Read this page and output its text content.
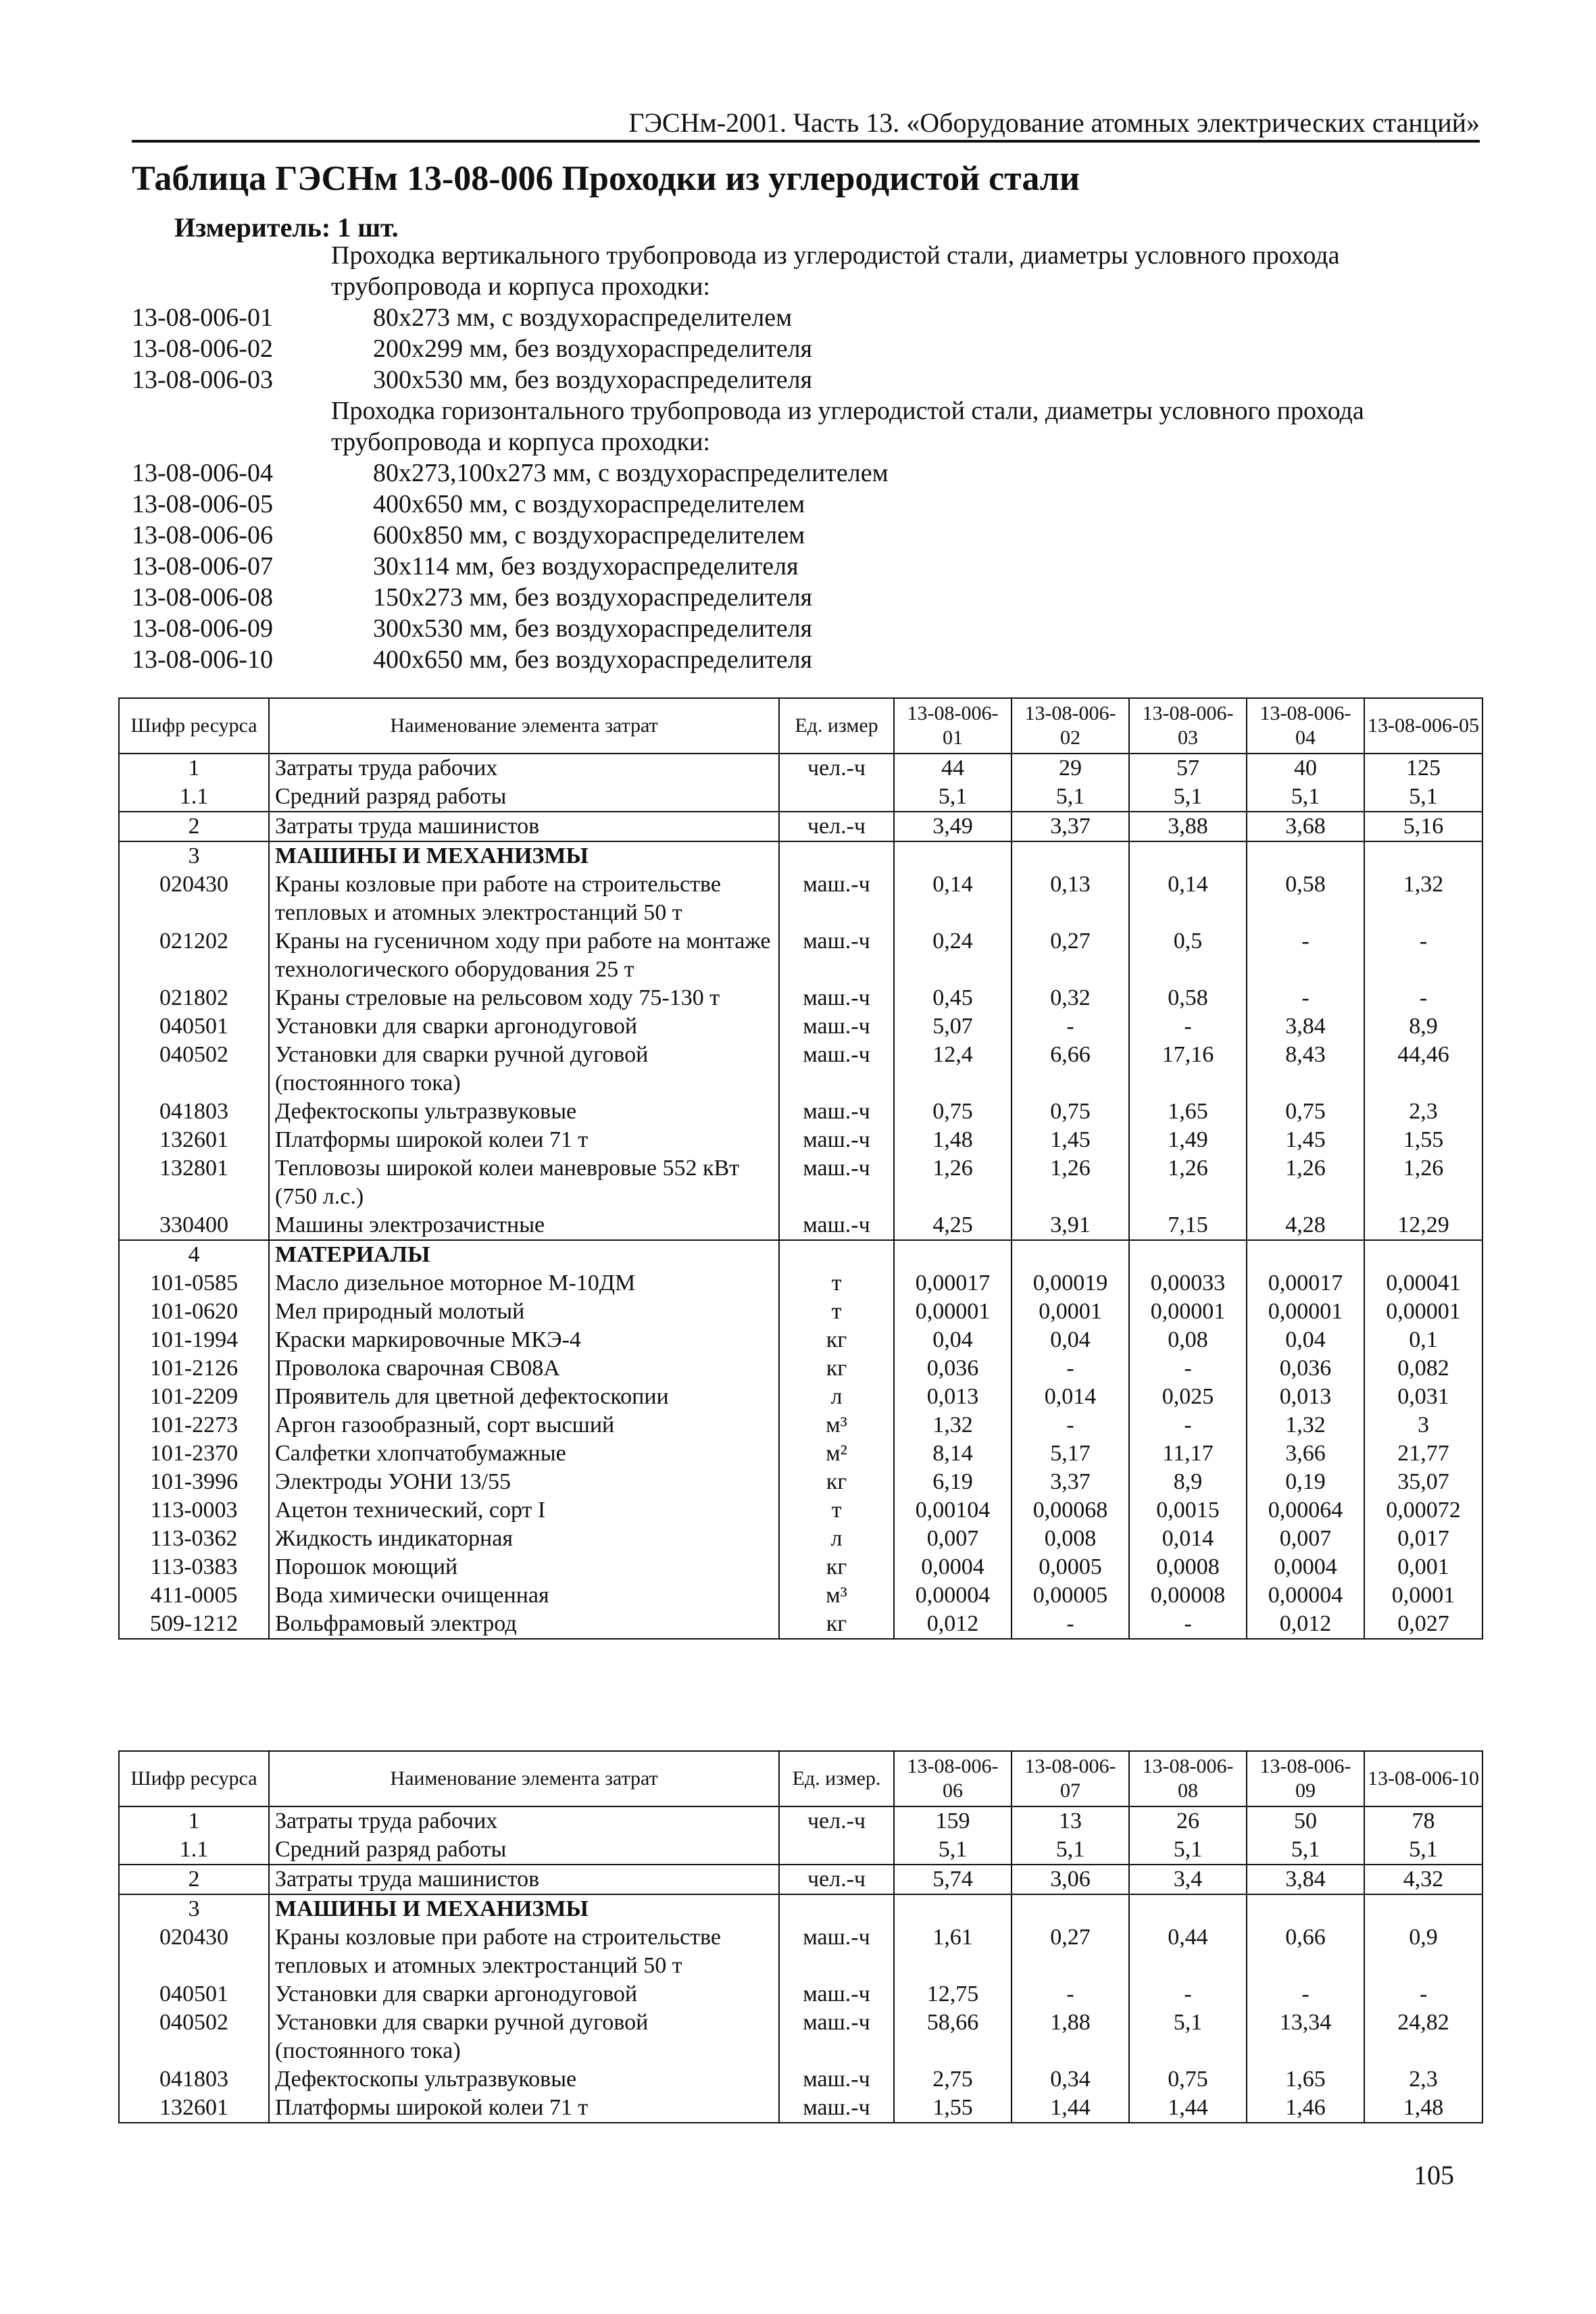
ГЭСНм-2001. Часть 13. «Оборудование атомных электрических станций»
Таблица ГЭСНм 13-08-006 Проходки из углеродистой стали
Измеритель: 1 шт.
Проходка вертикального трубопровода из углеродистой стали, диаметры условного прохода трубопровода и корпуса проходки:
13-08-006-01	80х273 мм, с воздухораспределителем
13-08-006-02	200х299 мм, без воздухораспределителя
13-08-006-03	300х530 мм, без воздухораспределителя
Проходка горизонтального трубопровода из углеродистой стали, диаметры условного прохода трубопровода и корпуса проходки:
13-08-006-04	80х273,100х273 мм, с воздухораспределителем
13-08-006-05	400х650 мм, с воздухораспределителем
13-08-006-06	600х850 мм, с воздухораспределителем
13-08-006-07	30х114 мм, без воздухораспределителя
13-08-006-08	150х273 мм, без воздухораспределителя
13-08-006-09	300х530 мм, без воздухораспределителя
13-08-006-10	400х650 мм, без воздухораспределителя
Шифр ресурса	Наименование элемента затрат	Ед. измер	13-08-006-01	13-08-006-02	13-08-006-03	13-08-006-04	13-08-006-05
1	Затраты труда рабочих	чел.-ч	44	29	57	40	125
1.1	Средний разряд работы		5,1	5,1	5,1	5,1	5,1
2	Затраты труда машинистов	чел.-ч	3,49	3,37	3,88	3,68	5,16
3	МАШИНЫ И МЕХАНИЗМЫ						
020430	Краны козловые при работе на строительстве тепловых и атомных электростанций 50 т	маш.-ч	0,14	0,13	0,14	0,58	1,32
021202	Краны на гусеничном ходу при работе на монтаже технологического оборудования 25 т	маш.-ч	0,24	0,27	0,5	-	-
021802	Краны стреловые на рельсовом ходу 75-130 т	маш.-ч	0,45	0,32	0,58	-	-
040501	Установки для сварки аргонодуговой	маш.-ч	5,07	-	-	3,84	8,9
040502	Установки для сварки ручной дуговой (постоянного тока)	маш.-ч	12,4	6,66	17,16	8,43	44,46
041803	Дефектоскопы ультразвуковые	маш.-ч	0,75	0,75	1,65	0,75	2,3
132601	Платформы широкой колеи 71 т	маш.-ч	1,48	1,45	1,49	1,45	1,55
132801	Тепловозы широкой колеи маневровые 552 кВт (750 л.с.)	маш.-ч	1,26	1,26	1,26	1,26	1,26
330400	Машины электрозачистные	маш.-ч	4,25	3,91	7,15	4,28	12,29
4	МАТЕРИАЛЫ						
101-0585	Масло дизельное моторное М-10ДМ	т	0,00017	0,00019	0,00033	0,00017	0,00041
101-0620	Мел природный молотый	т	0,00001	0,0001	0,00001	0,00001	0,00001
101-1994	Краски маркировочные МКЭ-4	кг	0,04	0,04	0,08	0,04	0,1
101-2126	Проволока сварочная СВ08А	кг	0,036	-	-	0,036	0,082
101-2209	Проявитель для цветной дефектоскопии	л	0,013	0,014	0,025	0,013	0,031
101-2273	Аргон газообразный, сорт высший	м³	1,32	-	-	1,32	3
101-2370	Салфетки хлопчатобумажные	м²	8,14	5,17	11,17	3,66	21,77
101-3996	Электроды УОНИ 13/55	кг	6,19	3,37	8,9	0,19	35,07
113-0003	Ацетон технический, сорт I	т	0,00104	0,00068	0,0015	0,00064	0,00072
113-0362	Жидкость индикаторная	л	0,007	0,008	0,014	0,007	0,017
113-0383	Порошок моющий	кг	0,0004	0,0005	0,0008	0,0004	0,001
411-0005	Вода химически очищенная	м³	0,00004	0,00005	0,00008	0,00004	0,0001
509-1212	Вольфрамовый электрод	кг	0,012	-	-	0,012	0,027
Шифр ресурса	Наименование элемента затрат	Ед. измер.	13-08-006-06	13-08-006-07	13-08-006-08	13-08-006-09	13-08-006-10
1	Затраты труда рабочих	чел.-ч	159	13	26	50	78
1.1	Средний разряд работы		5,1	5,1	5,1	5,1	5,1
2	Затраты труда машинистов	чел.-ч	5,74	3,06	3,4	3,84	4,32
3	МАШИНЫ И МЕХАНИЗМЫ						
020430	Краны козловые при работе на строительстве тепловых и атомных электростанций 50 т	маш.-ч	1,61	0,27	0,44	0,66	0,9
040501	Установки для сварки аргонодуговой	маш.-ч	12,75	-	-	-	-
040502	Установки для сварки ручной дуговой (постоянного тока)	маш.-ч	58,66	1,88	5,1	13,34	24,82
041803	Дефектоскопы ультразвуковые	маш.-ч	2,75	0,34	0,75	1,65	2,3
132601	Платформы широкой колеи 71 т	маш.-ч	1,55	1,44	1,44	1,46	1,48
105
